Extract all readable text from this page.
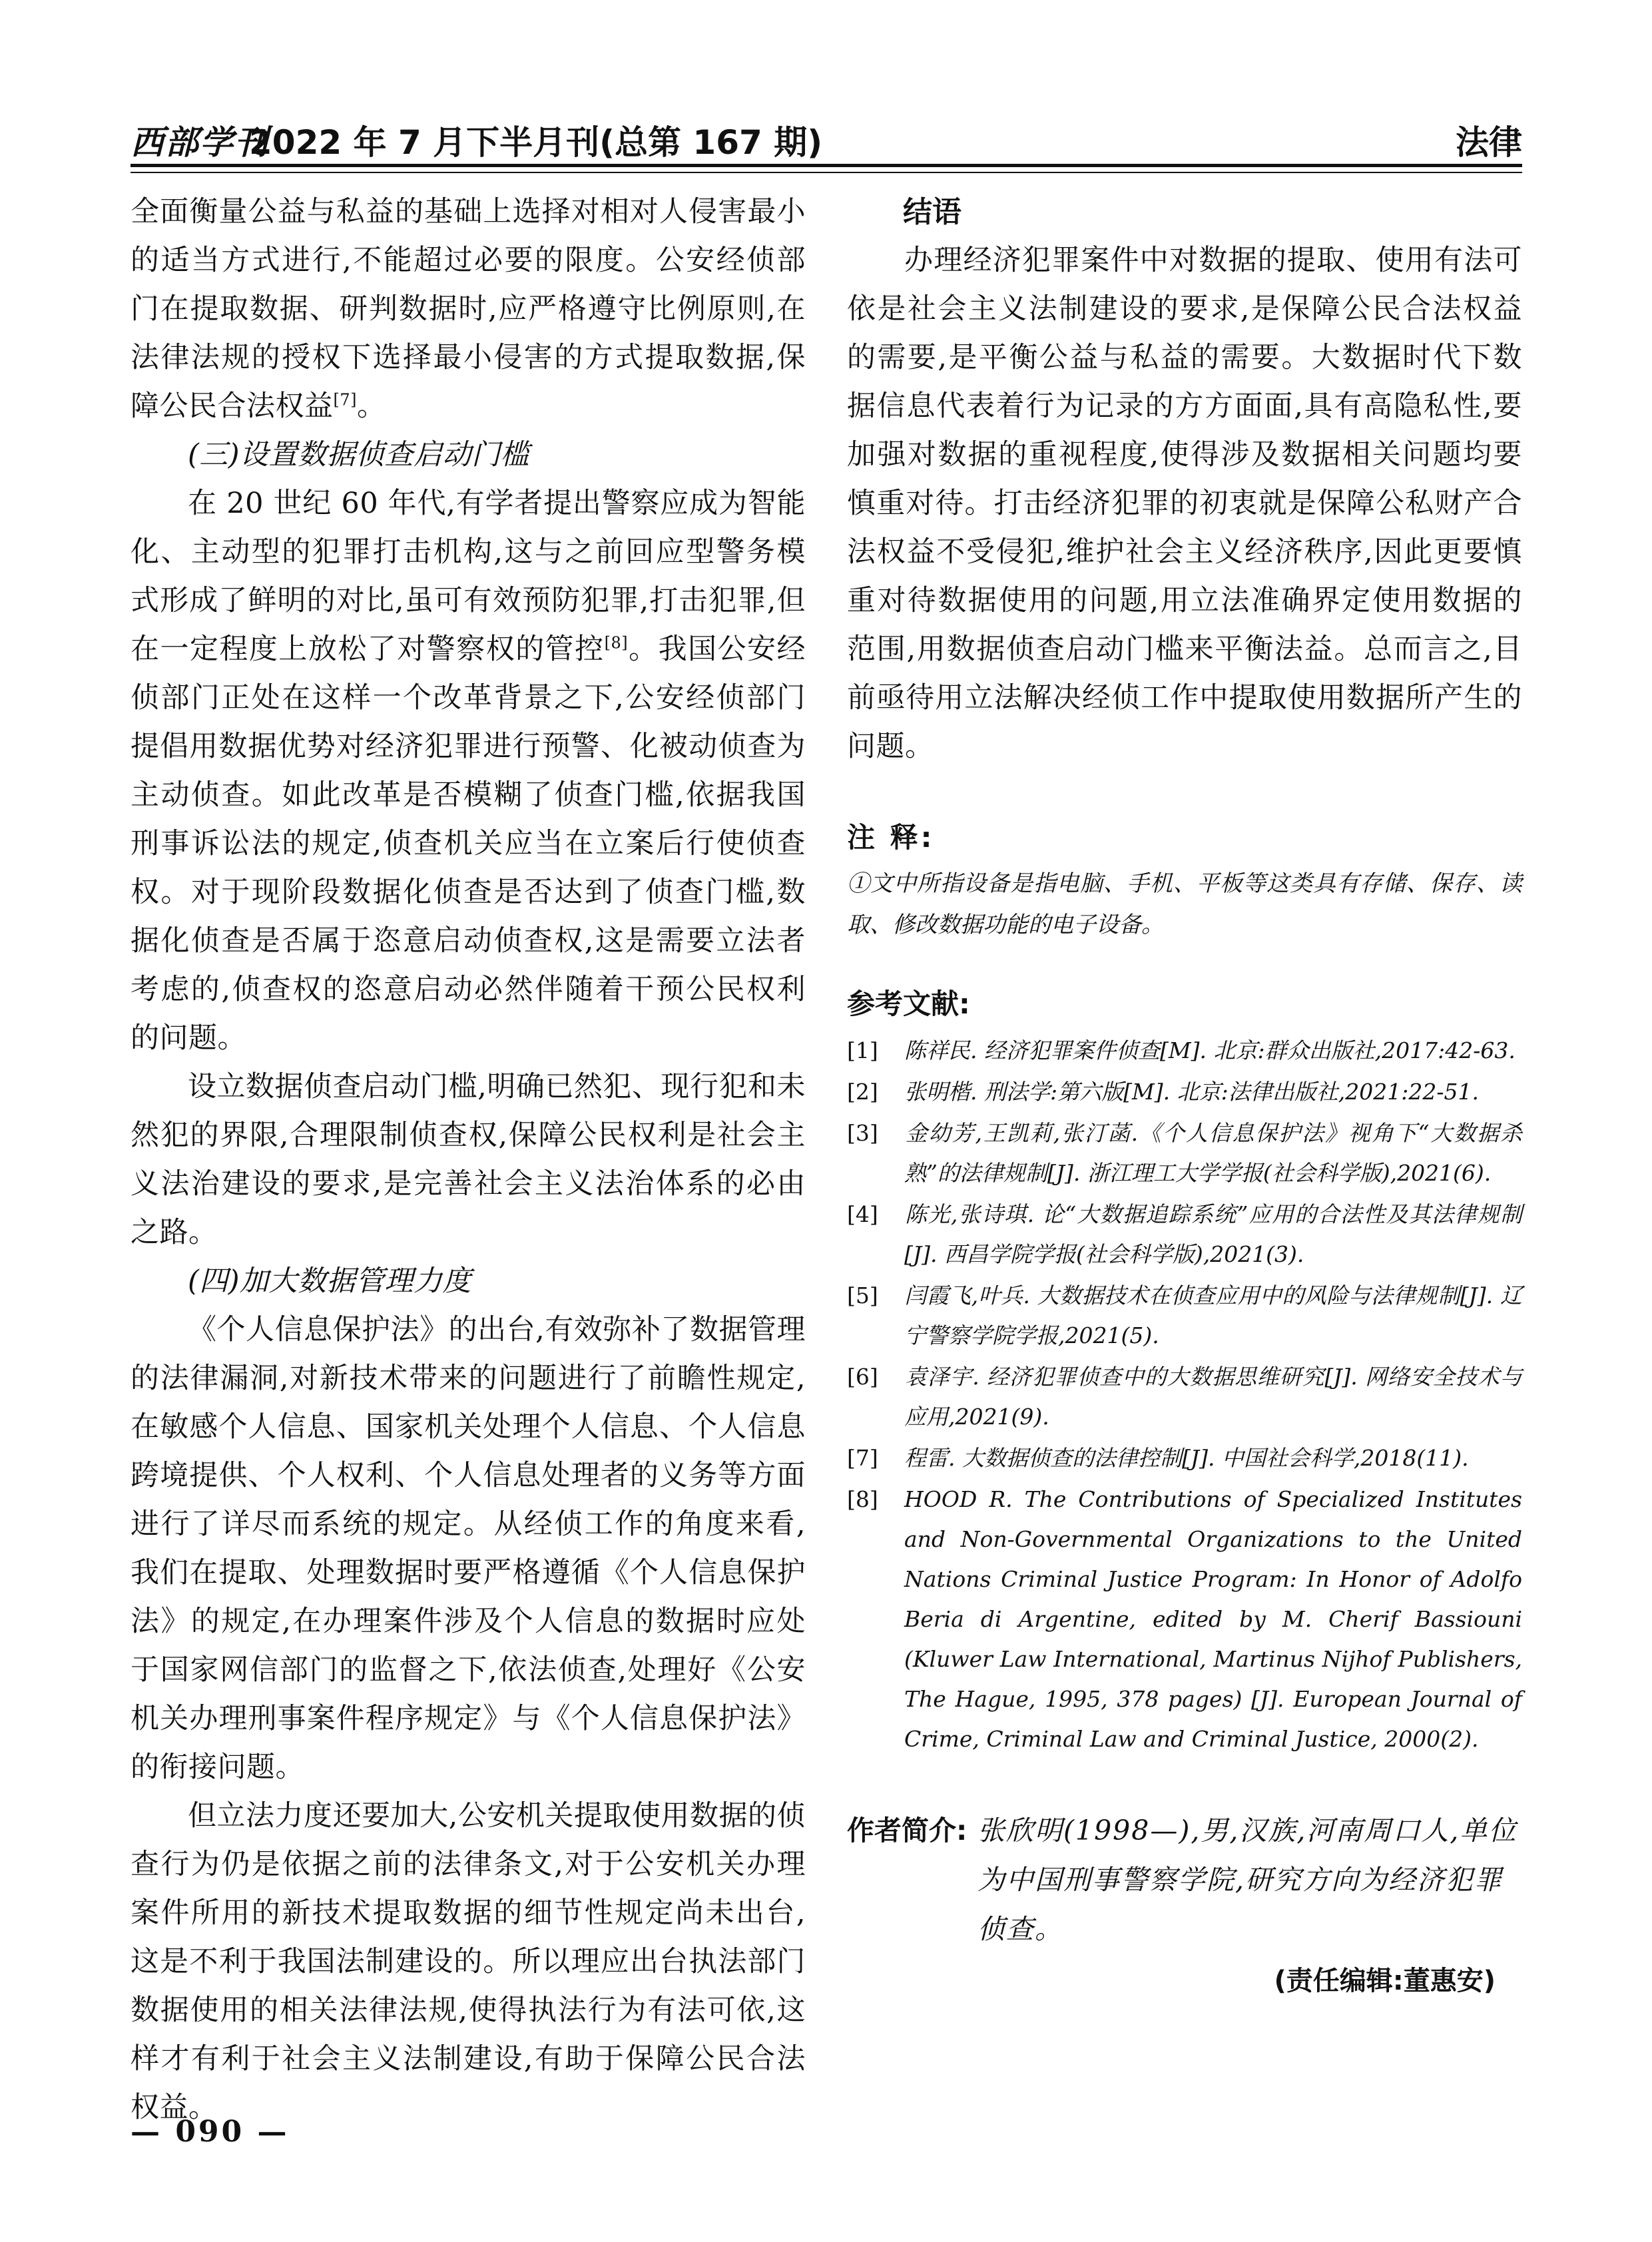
西部学刊
2022 年 7 月下半月刊(总第 167 期)	法律

全面衡量公益与私益的基础上选择对相对人侵害最小的适当方式进行,不能超过必要的限度。公安经侦部门在提取数据、研判数据时,应严格遵守比例原则,在法律法规的授权下选择最小侵害的方式提取数据,保障公民合法权益[7]。

(三)设置数据侦查启动门槛

在 20 世纪 60 年代,有学者提出警察应成为智能化、主动型的犯罪打击机构,这与之前回应型警务模式形成了鲜明的对比,虽可有效预防犯罪,打击犯罪,但在一定程度上放松了对警察权的管控[8]。我国公安经侦部门正处在这样一个改革背景之下,公安经侦部门提倡用数据优势对经济犯罪进行预警、化被动侦查为主动侦查。如此改革是否模糊了侦查门槛,依据我国刑事诉讼法的规定,侦查机关应当在立案后行使侦查权。对于现阶段数据化侦查是否达到了侦查门槛,数据化侦查是否属于恣意启动侦查权,这是需要立法者考虑的,侦查权的恣意启动必然伴随着干预公民权利的问题。

设立数据侦查启动门槛,明确已然犯、现行犯和未然犯的界限,合理限制侦查权,保障公民权利是社会主义法治建设的要求,是完善社会主义法治体系的必由之路。

(四)加大数据管理力度

《个人信息保护法》的出台,有效弥补了数据管理的法律漏洞,对新技术带来的问题进行了前瞻性规定,在敏感个人信息、国家机关处理个人信息、个人信息跨境提供、个人权利、个人信息处理者的义务等方面进行了详尽而系统的规定。从经侦工作的角度来看,我们在提取、处理数据时要严格遵循《个人信息保护法》的规定,在办理案件涉及个人信息的数据时应处于国家网信部门的监督之下,依法侦查,处理好《公安机关办理刑事案件程序规定》与《个人信息保护法》的衔接问题。

但立法力度还要加大,公安机关提取使用数据的侦查行为仍是依据之前的法律条文,对于公安机关办理案件所用的新技术提取数据的细节性规定尚未出台,这是不利于我国法制建设的。所以理应出台执法部门数据使用的相关法律法规,使得执法行为有法可依,这样才有利于社会主义法制建设,有助于保障公民合法权益。

结语

办理经济犯罪案件中对数据的提取、使用有法可依是社会主义法制建设的要求,是保障公民合法权益的需要,是平衡公益与私益的需要。大数据时代下数据信息代表着行为记录的方方面面,具有高隐私性,要加强对数据的重视程度,使得涉及数据相关问题均要慎重对待。打击经济犯罪的初衷就是保障公私财产合法权益不受侵犯,维护社会主义经济秩序,因此更要慎重对待数据使用的问题,用立法准确界定使用数据的范围,用数据侦查启动门槛来平衡法益。总而言之,目前亟待用立法解决经侦工作中提取使用数据所产生的问题。

注 释:

①文中所指设备是指电脑、手机、平板等这类具有存储、保存、读取、修改数据功能的电子设备。

参考文献:

[1] 陈祥民. 经济犯罪案件侦查[M]. 北京:群众出版社,2017:42-63.
[2] 张明楷. 刑法学:第六版[M]. 北京:法律出版社,2021:22-51.
[3] 金幼芳,王凯莉,张汀菡.《个人信息保护法》视角下“大数据杀熟”的法律规制[J]. 浙江理工大学学报(社会科学版),2021(6).
[4] 陈光,张诗琪. 论“大数据追踪系统”应用的合法性及其法律规制[J]. 西昌学院学报(社会科学版),2021(3).
[5] 闫霞飞,叶兵. 大数据技术在侦查应用中的风险与法律规制[J]. 辽宁警察学院学报,2021(5).
[6] 袁泽宇. 经济犯罪侦查中的大数据思维研究[J]. 网络安全技术与应用,2021(9).
[7] 程雷. 大数据侦查的法律控制[J]. 中国社会科学,2018(11).
[8] HOOD R. The Contributions of Specialized Institutes and Non-Governmental Organizations to the United Nations Criminal Justice Program: In Honor of Adolfo Beria di Argentine, edited by M. Cherif Bassiouni (Kluwer Law International, Martinus Nijhof Publishers, The Hague, 1995, 378 pages) [J]. European Journal of Crime, Criminal Law and Criminal Justice, 2000(2).
作者简介: 张欣明(1998—),男,汉族,河南周口人,单位为中国刑事警察学院,研究方向为经济犯罪侦查。
(责任编辑:董惠安)
— 090 —
